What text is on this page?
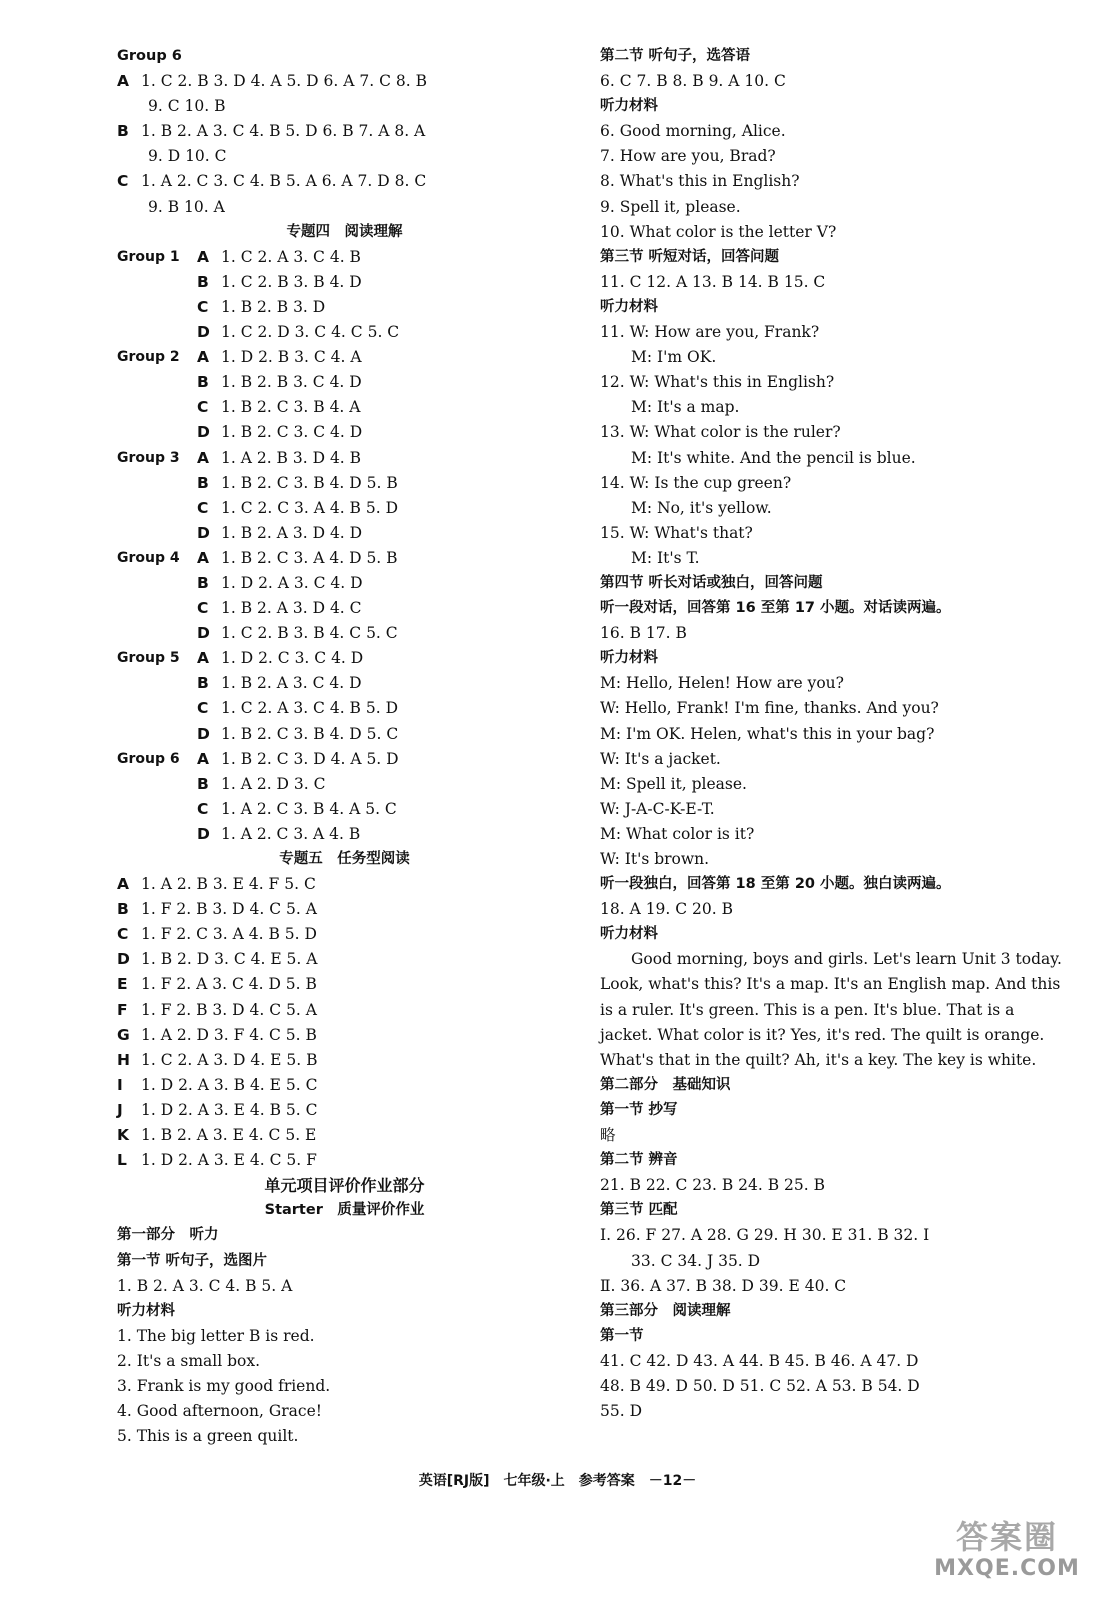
Group 6
A 1. C 2. B 3. D 4. A 5. D 6. A 7. C 8. B
9. C 10. B
B 1. B 2. A 3. C 4. B 5. D 6. B 7. A 8. A
9. D 10. C
C 1. A 2. C 3. C 4. B 5. A 6. A 7. D 8. C
9. B 10. A
专题四　阅读理解
Group 1	A 1. C 2. A 3. C 4. B
B 1. C 2. B 3. B 4. D
C 1. B 2. B 3. D
D 1. C 2. D 3. C 4. C 5. C
Group 2	A 1. D 2. B 3. C 4. A
B 1. B 2. B 3. C 4. D
C 1. B 2. C 3. B 4. A
D 1. B 2. C 3. C 4. D
Group 3	A 1. A 2. B 3. D 4. B
B 1. B 2. C 3. B 4. D 5. B
C 1. C 2. C 3. A 4. B 5. D
D 1. B 2. A 3. D 4. D
Group 4	A 1. B 2. C 3. A 4. D 5. B
B 1. D 2. A 3. C 4. D
C 1. B 2. A 3. D 4. C
D 1. C 2. B 3. B 4. C 5. C
Group 5	A 1. D 2. C 3. C 4. D
B 1. B 2. A 3. C 4. D
C 1. C 2. A 3. C 4. B 5. D
D 1. B 2. C 3. B 4. D 5. C
Group 6	A 1. B 2. C 3. D 4. A 5. D
B 1. A 2. D 3. C
C 1. A 2. C 3. B 4. A 5. C
D 1. A 2. C 3. A 4. B
专题五　任务型阅读
A 1. A 2. B 3. E 4. F 5. C
B 1. F 2. B 3. D 4. C 5. A
C 1. F 2. C 3. A 4. B 5. D
D 1. B 2. D 3. C 4. E 5. A
E 1. F 2. A 3. C 4. D 5. B
F 1. F 2. B 3. D 4. C 5. A
G 1. A 2. D 3. F 4. C 5. B
H 1. C 2. A 3. D 4. E 5. B
I 1. D 2. A 3. B 4. E 5. C
J 1. D 2. A 3. E 4. B 5. C
K 1. B 2. A 3. E 4. C 5. E
L 1. D 2. A 3. E 4. C 5. F
单元项目评价作业部分
Starter　质量评价作业
第一部分　听力
第一节 听句子，选图片
1. B 2. A 3. C 4. B 5. A
听力材料
1. The big letter B is red.
2. It's a small box.
3. Frank is my good friend.
4. Good afternoon, Grace!
5. This is a green quilt.
第二节 听句子，选答语
6. C 7. B 8. B 9. A 10. C
听力材料
6. Good morning, Alice.
7. How are you, Brad?
8. What's this in English?
9. Spell it, please.
10. What color is the letter V?
第三节 听短对话，回答问题
11. C 12. A 13. B 14. B 15. C
听力材料
11. W: How are you, Frank?
M: I'm OK.
12. W: What's this in English?
M: It's a map.
13. W: What color is the ruler?
M: It's white. And the pencil is blue.
14. W: Is the cup green?
M: No, it's yellow.
15. W: What's that?
M: It's T.
第四节 听长对话或独白，回答问题
听一段对话，回答第 16 至第 17 小题。对话读两遍。
16. B 17. B
听力材料
M: Hello, Helen! How are you?
W: Hello, Frank! I'm fine, thanks. And you?
M: I'm OK. Helen, what's this in your bag?
W: It's a jacket.
M: Spell it, please.
W: J-A-C-K-E-T.
M: What color is it?
W: It's brown.
听一段独白，回答第 18 至第 20 小题。独白读两遍。
18. A 19. C 20. B
听力材料

Good morning, boys and girls. Let's learn Unit 3 today. Look, what's this? It's a map. It's an English map. And this is a ruler. It's green. This is a pen. It's blue. That is a jacket. What color is it? Yes, it's red. The quilt is orange. What's that in the quilt? Ah, it's a key. The key is white.

第二部分　基础知识
第一节 抄写
略
第二节 辨音
21. B 22. C 23. B 24. B 25. B
第三节 匹配
Ⅰ. 26. F 27. A 28. G 29. H 30. E 31. B 32. I
33. C 34. J 35. D
Ⅱ. 36. A 37. B 38. D 39. E 40. C
第三部分　阅读理解
第一节
41. C 42. D 43. A 44. B 45. B 46. A 47. D
48. B 49. D 50. D 51. C 52. A 53. B 54. D
55. D
英语[RJ版]　七年级·上　参考答案　－12－
答案圈
MXQE.COM
